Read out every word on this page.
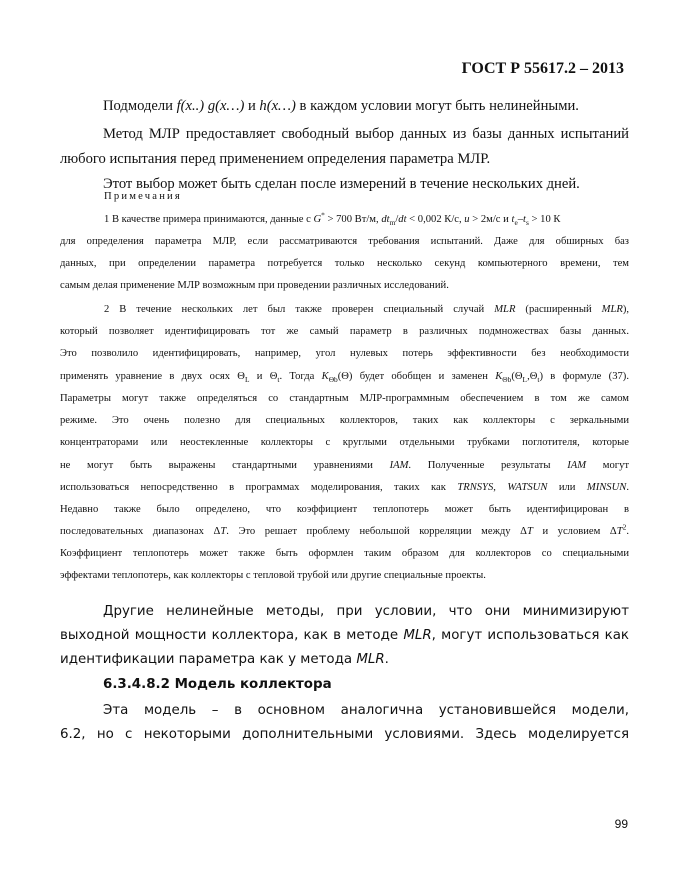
ГОСТ Р 55617.2 – 2013
Подмодели f(x..) g(x…) и h(x…) в каждом условии могут быть нелинейными.
Метод МЛР предоставляет свободный выбор данных из базы данных испытаний
любого испытания перед применением определения параметра МЛР.
Этот выбор может быть сделан после измерений в течение нескольких дней.
Примечания
1 В качестве примера принимаются, данные с G* > 700 Вт/м, $dt_m/dt < 0,002$ К/с, u > 2м/с и $t_e-t_s > 10$ К
для определения параметра МЛР, если рассматриваются требования испытаний. Даже для обширных баз
данных, при определении параметра потребуется только несколько секунд компьютерного времени, тем
самым делая применение МЛР возможным при проведении различных исследований.
2 В течение нескольких лет был также проверен специальный случай MLR (расширенный MLR),
который позволяет идентифицировать тот же самый параметр в различных подмножествах базы данных.
Это позволило идентифицировать, например, угол нулевых потерь эффективности без необходимости
применять уравнение в двух осях $\Theta_L$ и $\Theta_t$. Тогда $K_{\Theta b}(\Theta)$ будет обобщен и заменен $K_{\Theta b}(\Theta_L,\Theta_t)$ в формуле (37).
Параметры могут также определяться со стандартным МЛР-программным обеспечением в том же самом
режиме. Это очень полезно для специальных коллекторов, таких как коллекторы с зеркальными
концентраторами или неостекленные коллекторы с круглыми отдельными трубками поглотителя, которые
не могут быть выражены стандартными уравнениями IAM. Полученные результаты IAM могут
использоваться непосредственно в программах моделирования, таких как TRNSYS, WATSUN или MINSUN.
Недавно также было определено, что коэффициент теплопотерь может быть идентифицирован в
последовательных диапазонах ΔT. Это решает проблему небольшой корреляции между ΔT и условием $\Delta T^2$.
Коэффициент теплопотерь может также быть оформлен таким образом для коллекторов со специальными
эффектами теплопотерь, как коллекторы с тепловой трубой или другие специальные проекты.
Другие нелинейные методы, при условии, что они минимизируют
выходной мощности коллектора, как в методе MLR, могут использоваться как
идентификации параметра как у метода MLR.
6.3.4.8.2 Модель коллектора
Эта модель – в основном аналогична установившейся модели,
6.2, но с некоторыми дополнительными условиями. Здесь моделируется
99
